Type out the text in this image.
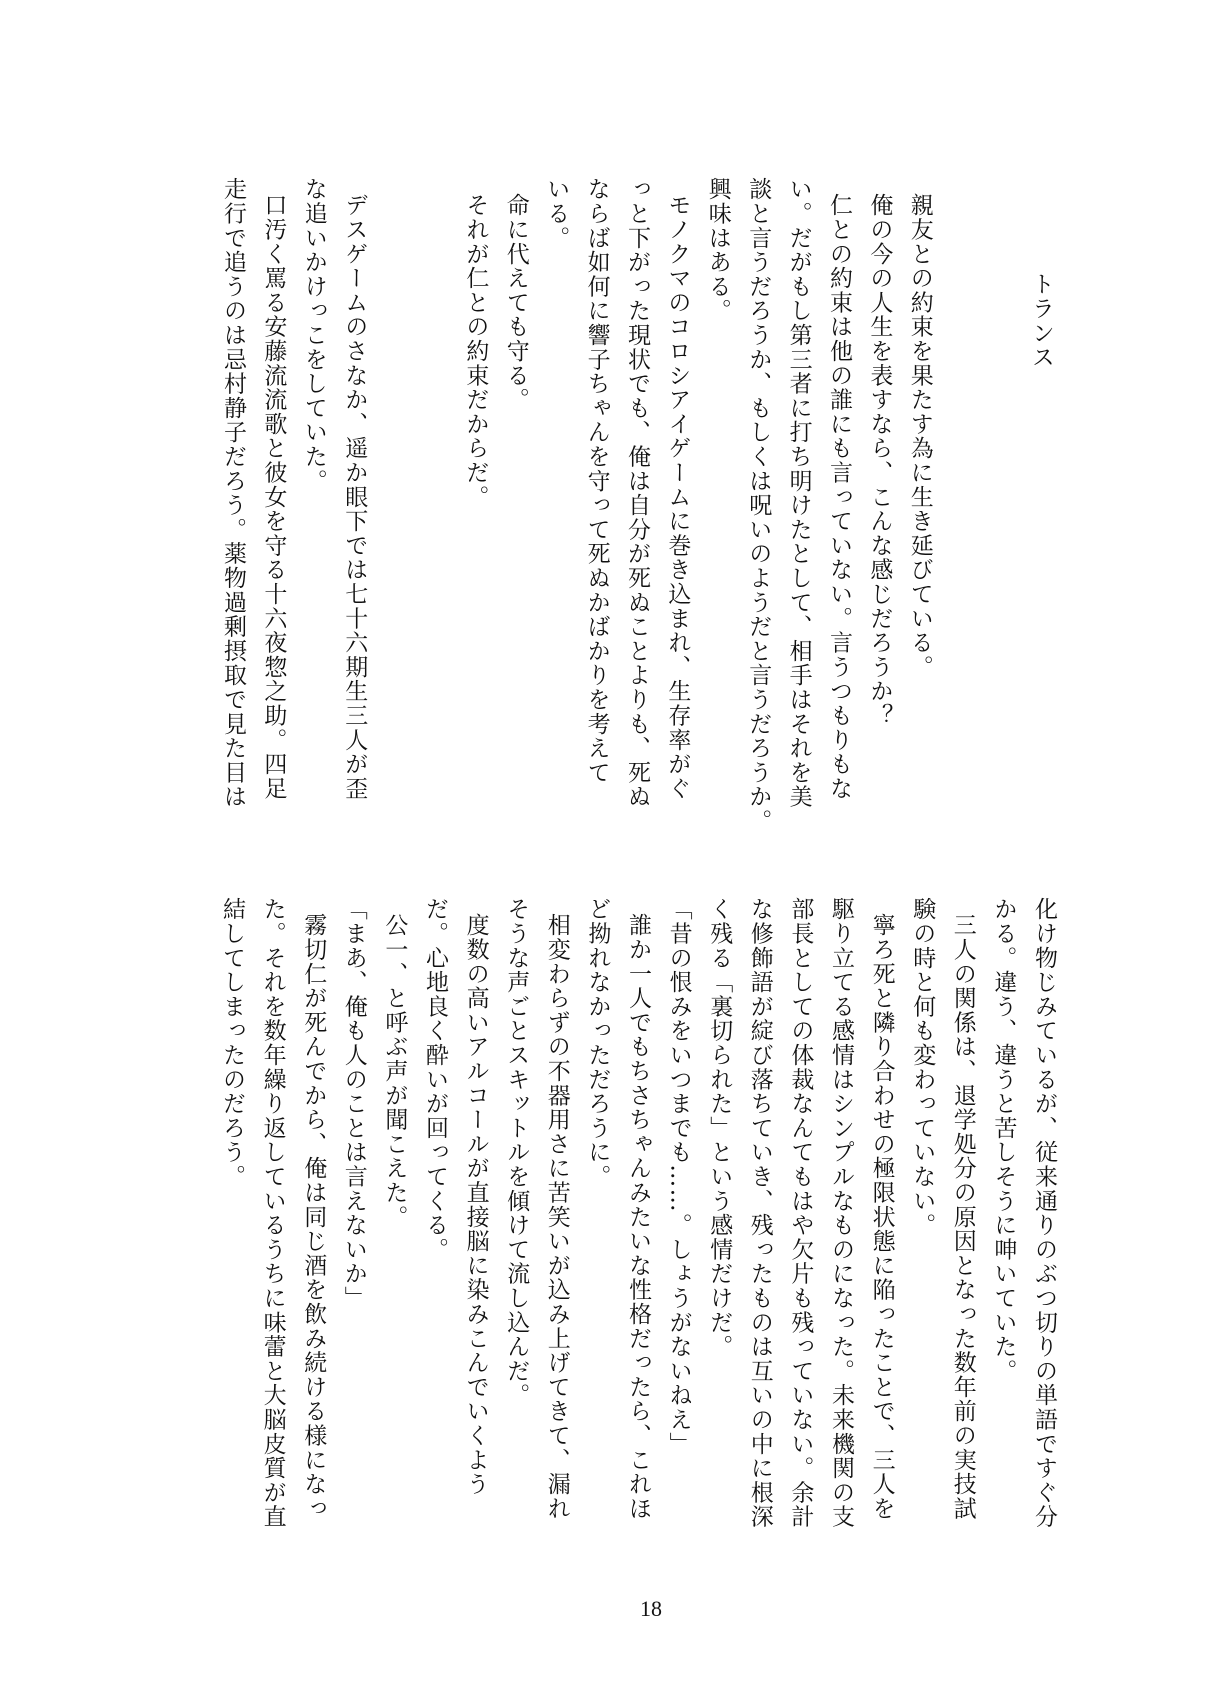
トランス
親友との約束を果たす為に生き延びている。
俺の今の人生を表すなら、こんな感じだろうか？
仁との約束は他の誰にも言っていない。言うつもりもな
い。だがもし第三者に打ち明けたとして、相手はそれを美
談と言うだろうか、もしくは呪いのようだと言うだろうか。
興味はある。
モノクマのコロシアイゲームに巻き込まれ、生存率がぐ
っと下がった現状でも、俺は自分が死ぬことよりも、死ぬ
ならば如何に響子ちゃんを守って死ぬかばかりを考えて
いる。
命に代えても守る。
それが仁との約束だからだ。
デスゲームのさなか、遥か眼下では七十六期生三人が歪
な追いかけっこをしていた。
口汚く罵る安藤流流歌と彼女を守る十六夜惣之助。四足
走行で追うのは忌村静子だろう。薬物過剰摂取で見た目は
化け物じみているが、従来通りのぶつ切りの単語ですぐ分
かる。違う、違うと苦しそうに呻いていた。
三人の関係は、退学処分の原因となった数年前の実技試
験の時と何も変わっていない。
寧ろ死と隣り合わせの極限状態に陥ったことで、三人を
駆り立てる感情はシンプルなものになった。未来機関の支
部長としての体裁なんてもはや欠片も残っていない。余計
な修飾語が綻び落ちていき、残ったものは互いの中に根深
く残る「裏切られた」という感情だけだ。
「昔の恨みをいつまでも……。しょうがないねえ」
誰か一人でもちさちゃんみたいな性格だったら、これほ
ど拗れなかっただろうに。
相変わらずの不器用さに苦笑いが込み上げてきて、漏れ
そうな声ごとスキットルを傾けて流し込んだ。
度数の高いアルコールが直接脳に染みこんでいくよう
だ。心地良く酔いが回ってくる。
公一、と呼ぶ声が聞こえた。
「まあ、俺も人のことは言えないか」
霧切仁が死んでから、俺は同じ酒を飲み続ける様になっ
た。それを数年繰り返しているうちに味蕾と大脳皮質が直
結してしまったのだろう。
18
